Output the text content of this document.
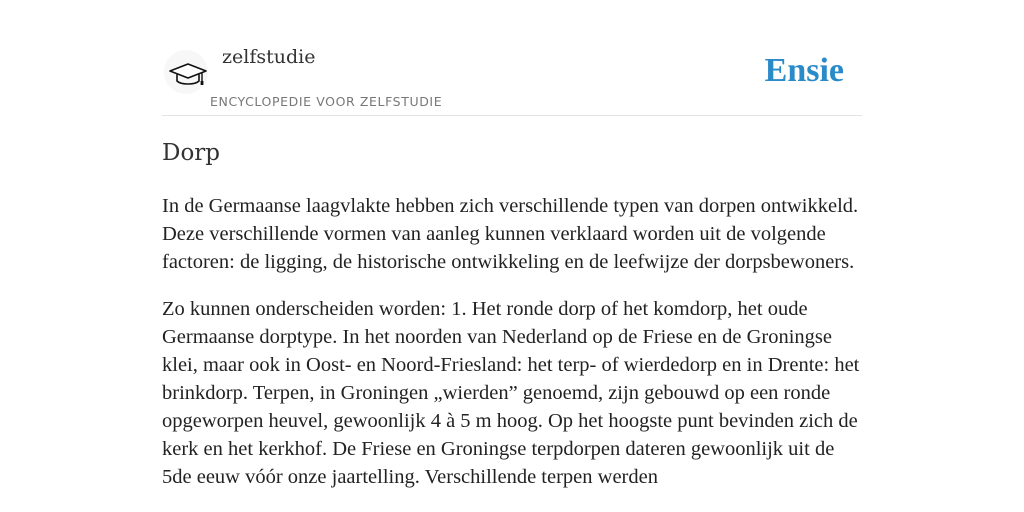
zelfstudie
ENCYCLOPEDIE VOOR ZELFSTUDIE
Ensie
Dorp

In de Germaanse laagvlakte hebben zich verschillende typen van dorpen ontwikkeld. Deze verschillende vormen van aanleg kunnen verklaard worden uit de volgende factoren: de ligging, de historische ontwikkeling en de leefwijze der dorpsbewoners.

Zo kunnen onderscheiden worden: 1. Het ronde dorp of het komdorp, het oude Germaanse dorptype. In het noorden van Nederland op de Friese en de Groningse klei, maar ook in Oost- en Noord-Friesland: het terp- of wierdedorp en in Drente: het brinkdorp. Terpen, in Groningen „wierden” genoemd, zijn gebouwd op een ronde opgeworpen heuvel, gewoonlijk 4 à 5 m hoog. Op het hoogste punt bevinden zich de kerk en het kerkhof. De Friese en Groningse terpdorpen dateren gewoonlijk uit de 5de eeuw vóór onze jaartelling. Verschillende terpen werden
